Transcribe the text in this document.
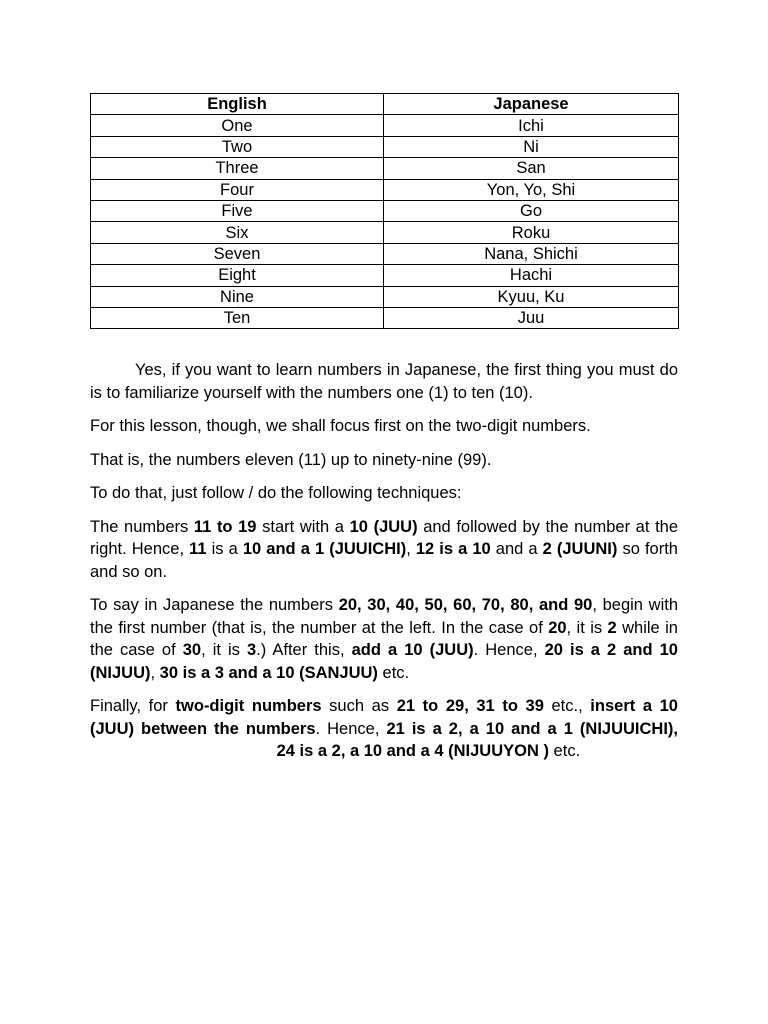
English	Japanese
One	Ichi
Two	Ni
Three	San
Four	Yon, Yo, Shi
Five	Go
Six	Roku
Seven	Nana, Shichi
Eight	Hachi
Nine	Kyuu, Ku
Ten	Juu

Yes, if you want to learn numbers in Japanese, the first thing you must do is to familiarize yourself with the numbers one (1) to ten (10).

For this lesson, though, we shall focus first on the two-digit numbers.

That is, the numbers eleven (11) up to ninety-nine (99).

To do that, just follow / do the following techniques:

The numbers 11 to 19 start with a 10 (JUU) and followed by the number at the right. Hence, 11 is a 10 and a 1 (JUUICHI), 12 is a 10 and a 2 (JUUNI) so forth and so on.

To say in Japanese the numbers 20, 30, 40, 50, 60, 70, 80, and 90, begin with the first number (that is, the number at the left. In the case of 20, it is 2 while in the case of 30, it is 3.) After this, add a 10 (JUU). Hence, 20 is a 2 and 10 (NIJUU), 30 is a 3 and a 10 (SANJUU) etc.

Finally, for two-digit numbers such as 21 to 29, 31 to 39 etc., insert a 10 (JUU) between the numbers. Hence, 21 is a 2, a 10 and a 1 (NIJUUICHI),  24 is a 2, a 10 and a 4 (NIJUUYON ) etc.
